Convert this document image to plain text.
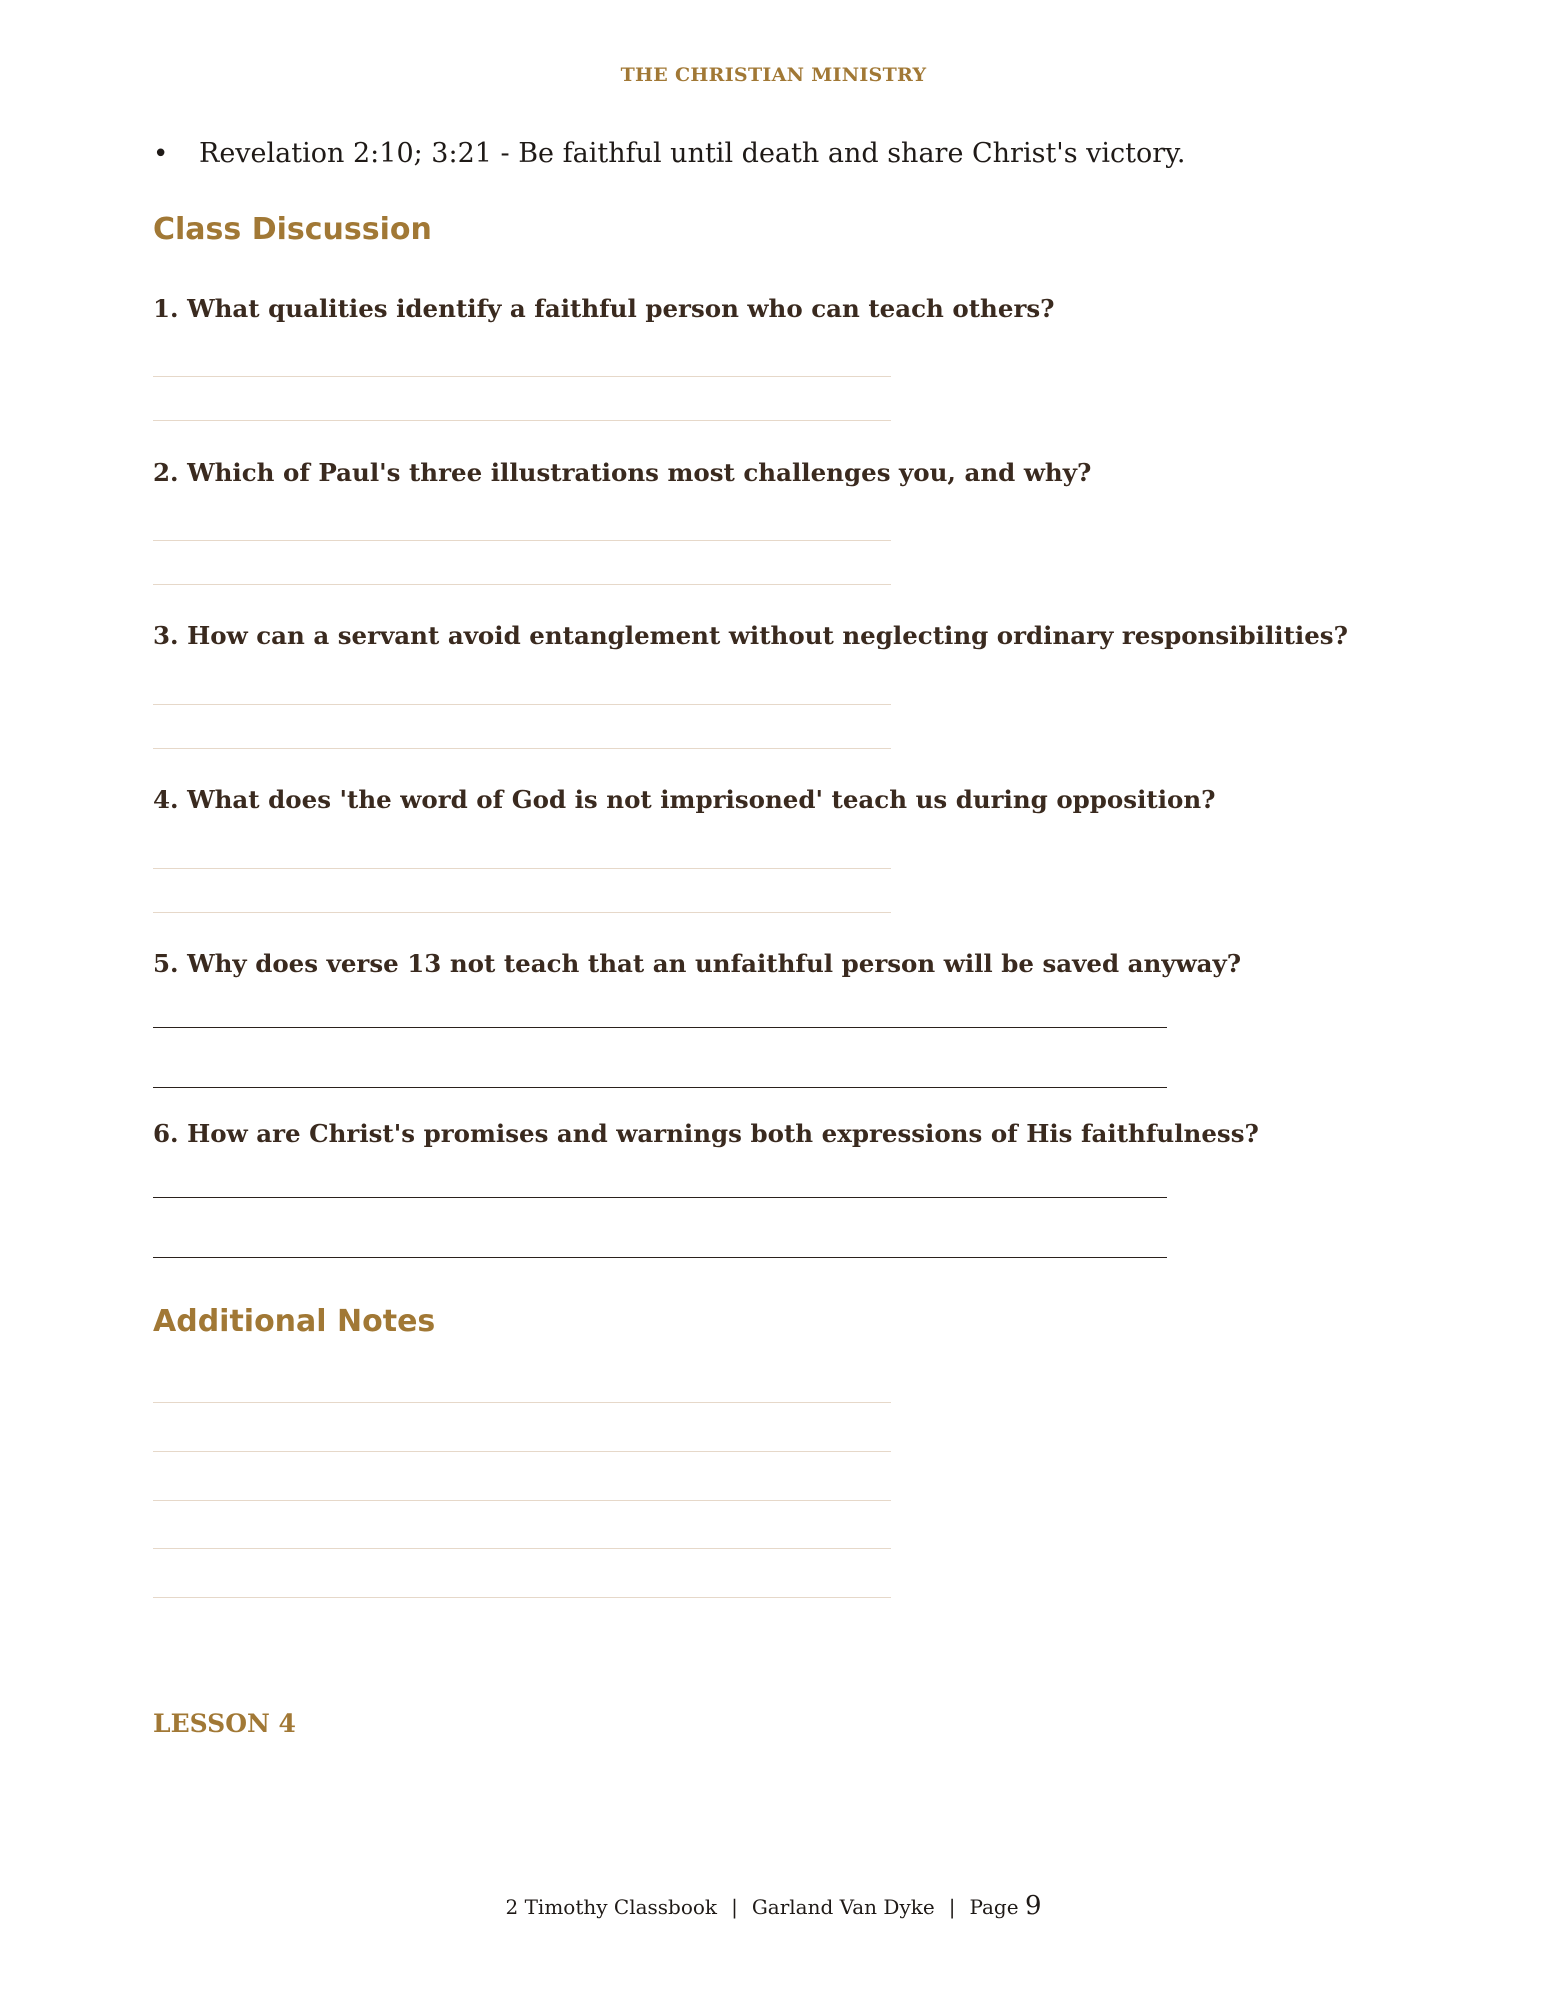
THE CHRISTIAN MINISTRY
•	Revelation 2:10; 3:21 - Be faithful until death and share Christ's victory.
Class Discussion
1. What qualities identify a faithful person who can teach others?
2. Which of Paul's three illustrations most challenges you, and why?
3. How can a servant avoid entanglement without neglecting ordinary responsibilities?
4. What does 'the word of God is not imprisoned' teach us during opposition?
5. Why does verse 13 not teach that an unfaithful person will be saved anyway?
6. How are Christ's promises and warnings both expressions of His faithfulness?
Additional Notes
LESSON 4
2 Timothy Classbook | Garland Van Dyke | Page 9
